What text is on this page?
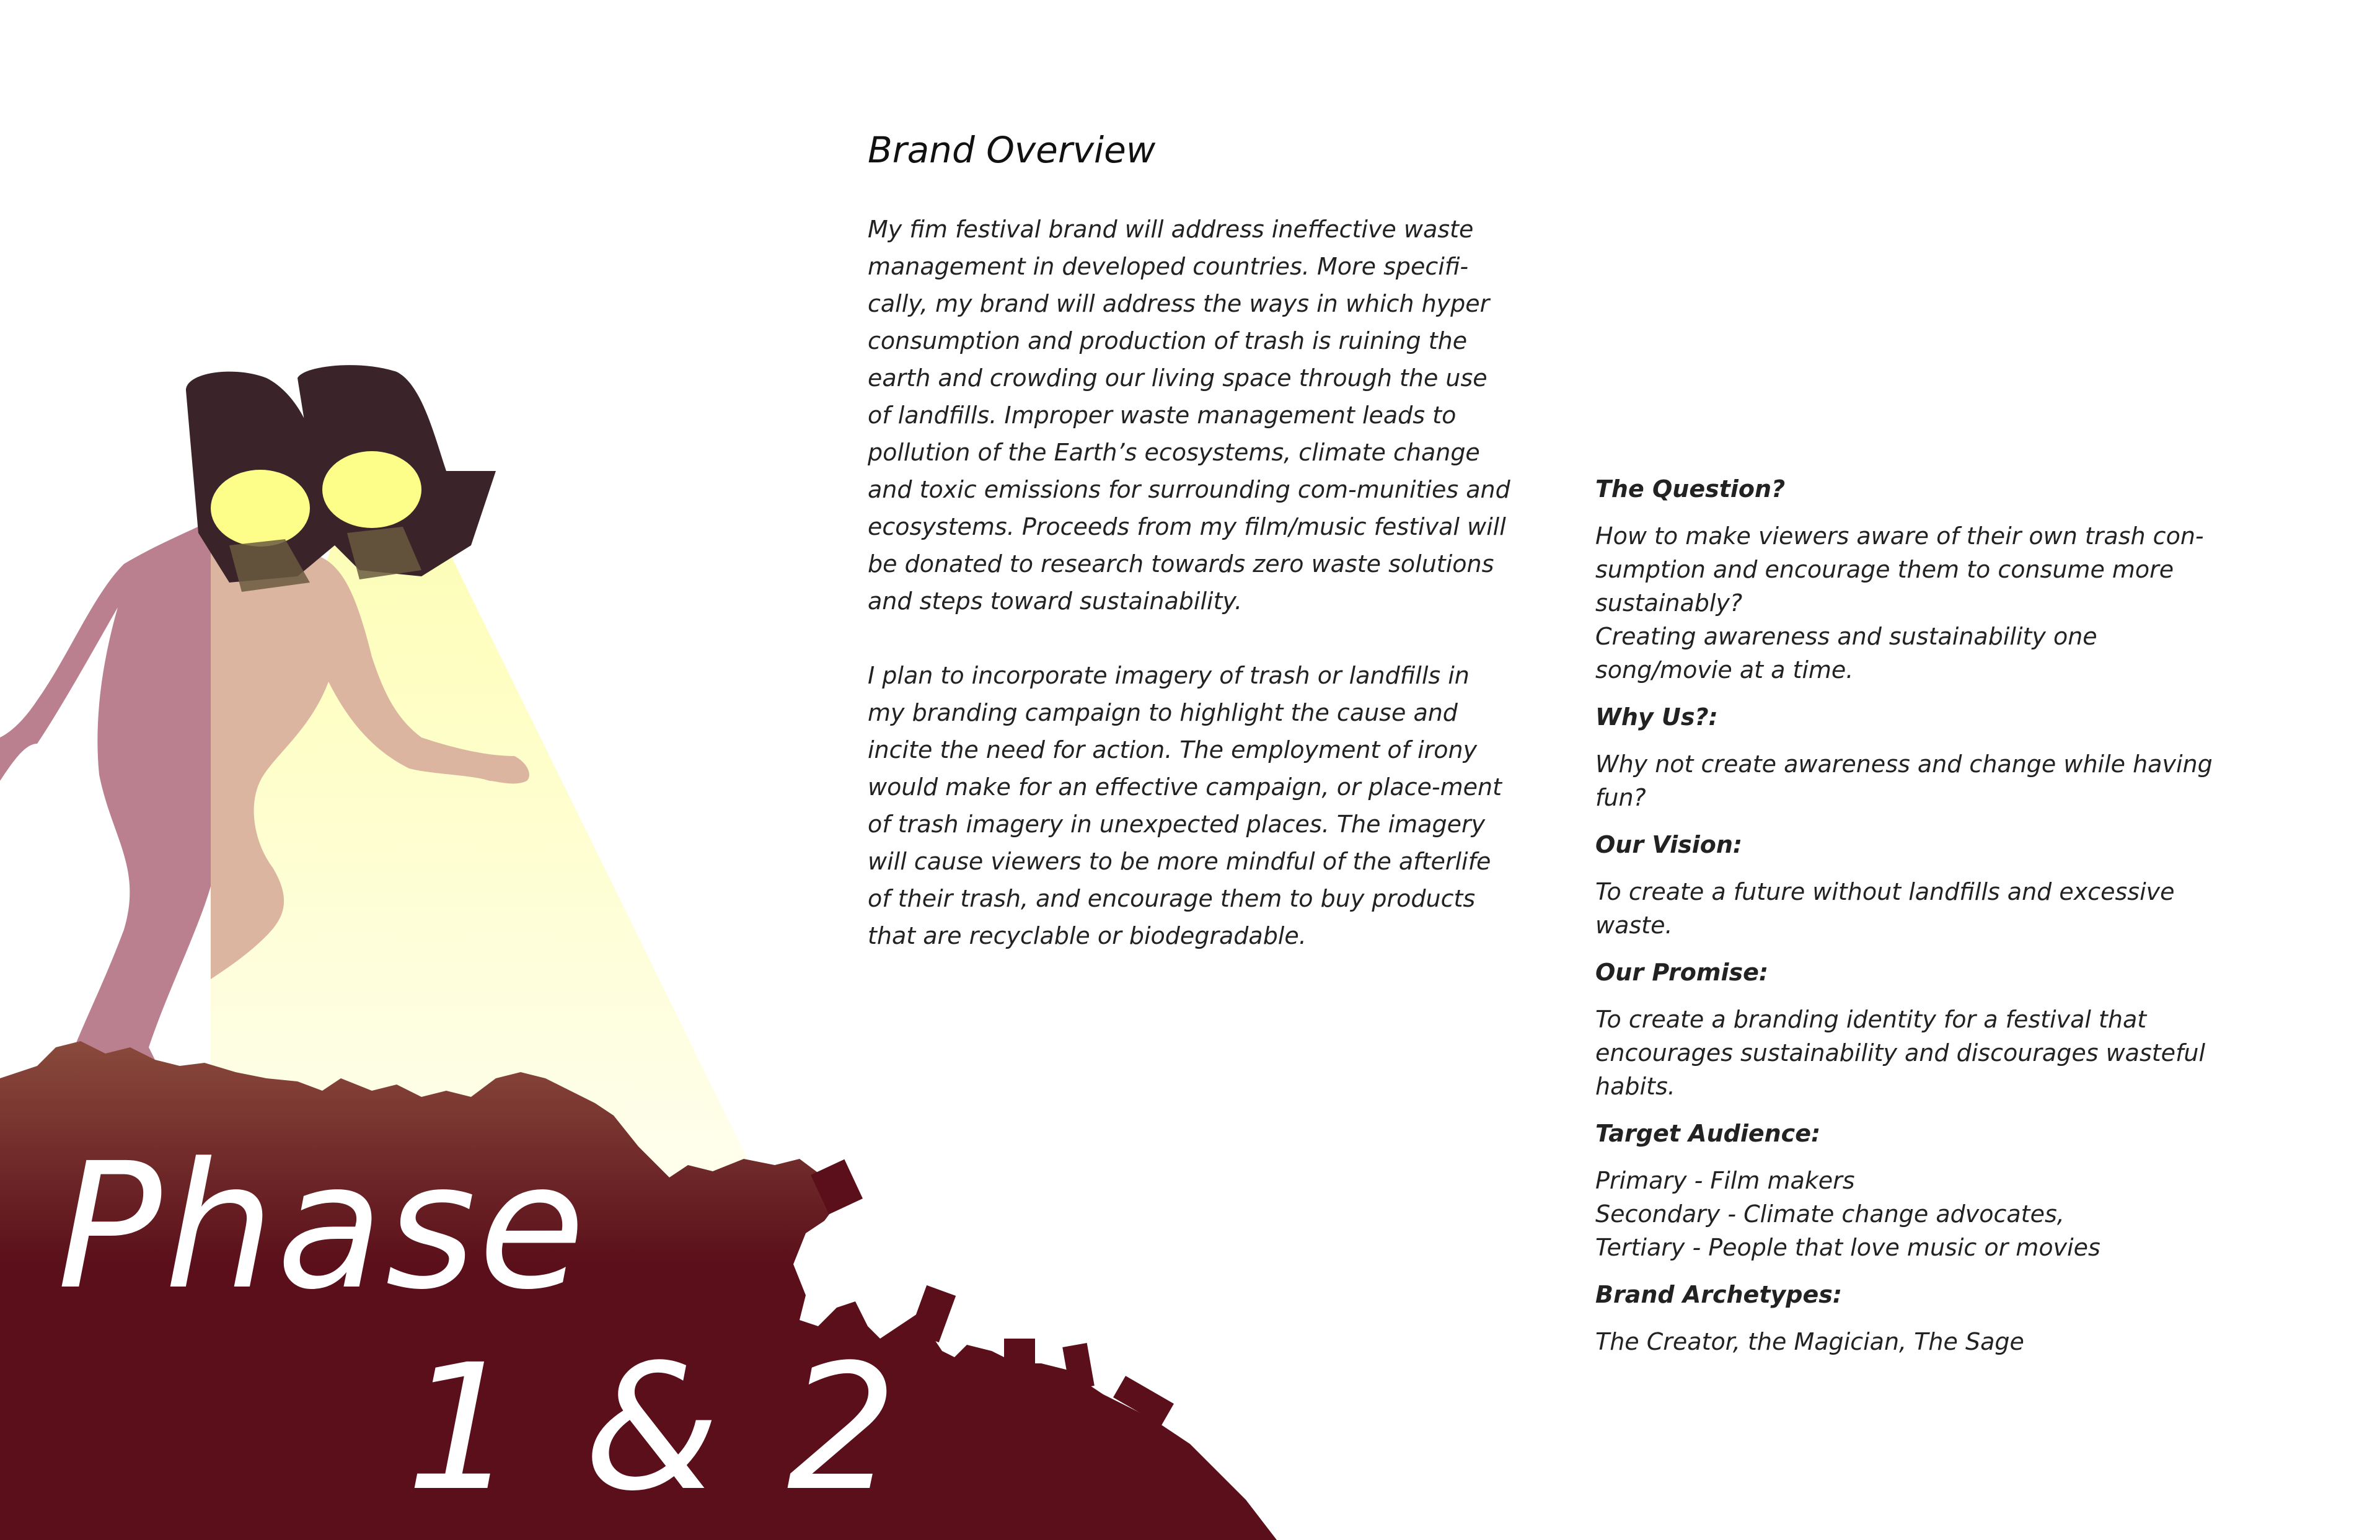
Phase
1 & 2
Brand Overview

My fim festival brand will address ineffective waste management in developed countries. More specifi-cally, my brand will address the ways in which hyper consumption and production of trash is ruining the earth and crowding our living space through the use of landfills. Improper waste management leads to pollution of the Earth’s ecosystems, climate change and toxic emissions for surrounding com-munities and ecosystems. Proceeds from my film/music festival will be donated to research towards zero waste solutions and steps toward sustainability.

I plan to incorporate imagery of trash or landfills in my branding campaign to highlight the cause and incite the need for action. The employment of irony would make for an effective campaign, or place-ment of trash imagery in unexpected places. The imagery will cause viewers to be more mindful of the afterlife of their trash, and encourage them to buy products that are recyclable or biodegradable.

The Question?
How to make viewers aware of their own trash con-sumption and encourage them to consume more sustainably?
Creating awareness and sustainability one song/movie at a time.
Why Us?:
Why not create awareness and change while having fun?
Our Vision:
To create a future without landfills and excessive waste.
Our Promise:
To create a branding identity for a festival that encourages sustainability and discourages wasteful habits.
Target Audience:
Primary - Film makers
Secondary - Climate change advocates,
Tertiary - People that love music or movies
Brand Archetypes:
The Creator, the Magician, The Sage
